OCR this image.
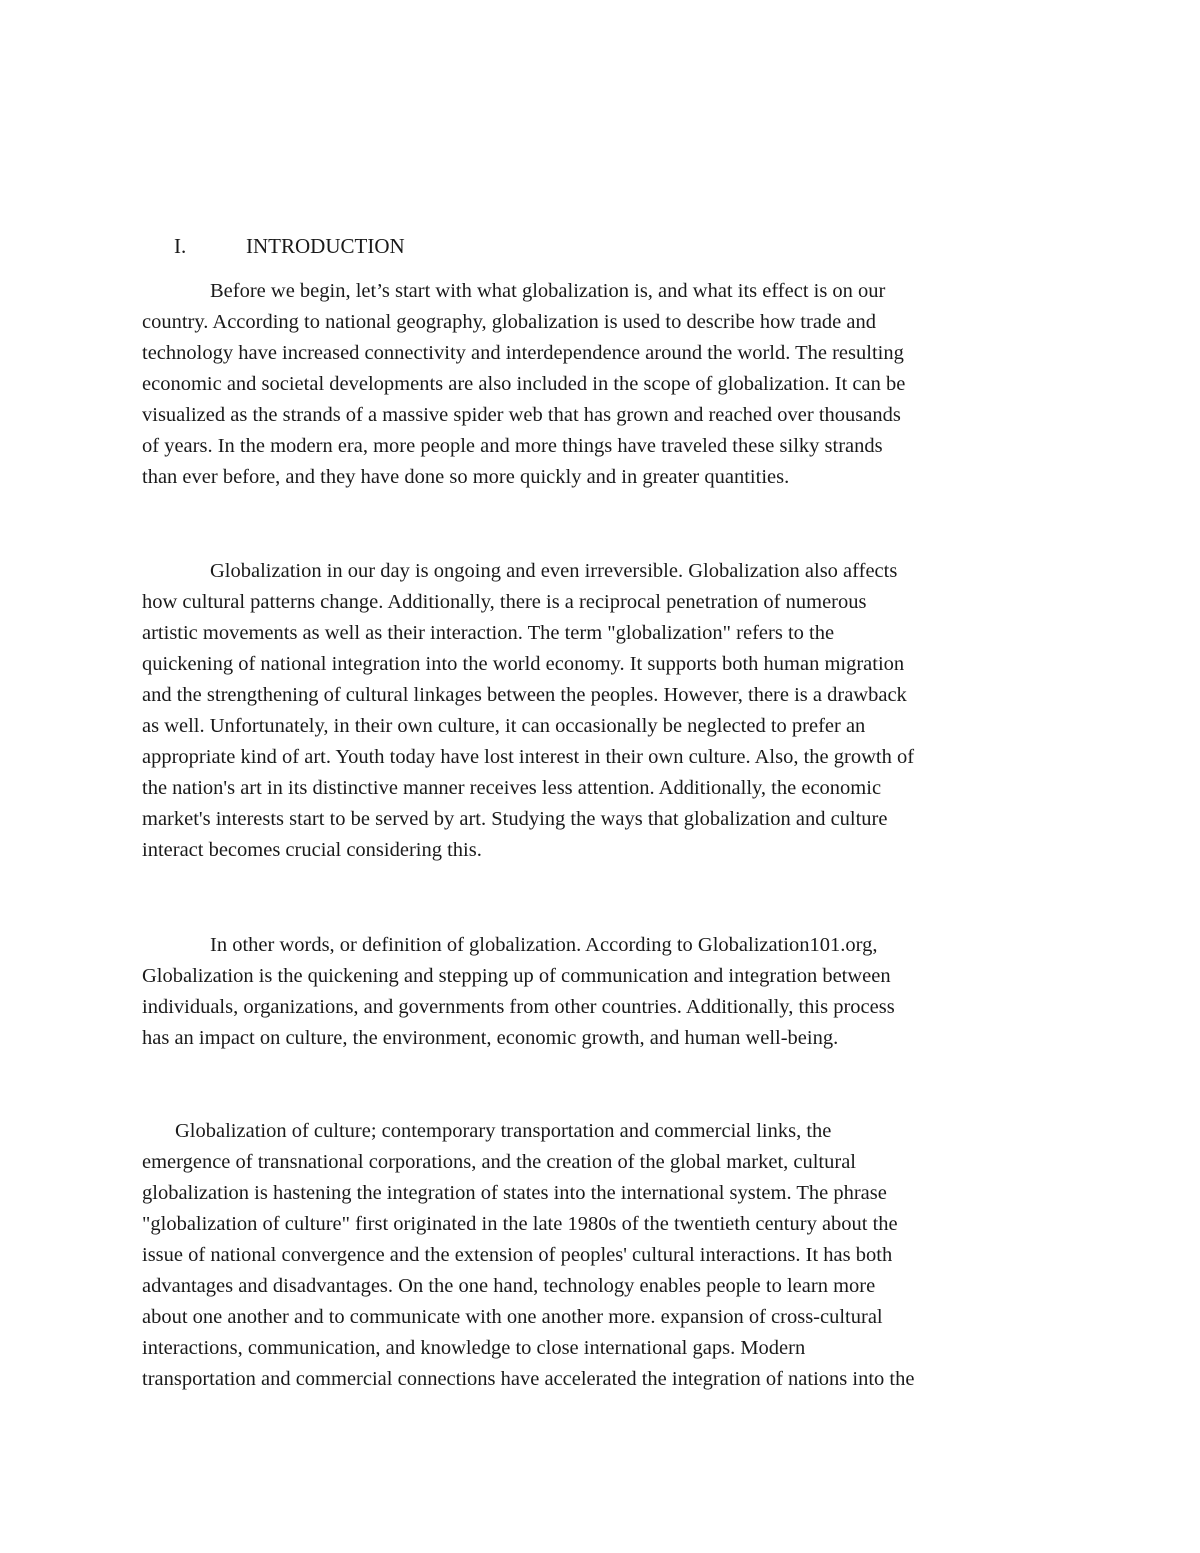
I.	INTRODUCTION
Before we begin, let’s start with what globalization is, and what its effect is on our
country. According to national geography, globalization is used to describe how trade and
technology have increased connectivity and interdependence around the world. The resulting
economic and societal developments are also included in the scope of globalization. It can be
visualized as the strands of a massive spider web that has grown and reached over thousands
of years. In the modern era, more people and more things have traveled these silky strands
than ever before, and they have done so more quickly and in greater quantities.
Globalization in our day is ongoing and even irreversible. Globalization also affects
how cultural patterns change. Additionally, there is a reciprocal penetration of numerous
artistic movements as well as their interaction. The term "globalization" refers to the
quickening of national integration into the world economy. It supports both human migration
and the strengthening of cultural linkages between the peoples. However, there is a drawback
as well. Unfortunately, in their own culture, it can occasionally be neglected to prefer an
appropriate kind of art. Youth today have lost interest in their own culture. Also, the growth of
the nation's art in its distinctive manner receives less attention. Additionally, the economic
market's interests start to be served by art. Studying the ways that globalization and culture
interact becomes crucial considering this.
In other words, or definition of globalization. According to Globalization101.org,
Globalization is the quickening and stepping up of communication and integration between
individuals, organizations, and governments from other countries. Additionally, this process
has an impact on culture, the environment, economic growth, and human well-being.
Globalization of culture; contemporary transportation and commercial links, the
emergence of transnational corporations, and the creation of the global market, cultural
globalization is hastening the integration of states into the international system. The phrase
"globalization of culture" first originated in the late 1980s of the twentieth century about the
issue of national convergence and the extension of peoples' cultural interactions. It has both
advantages and disadvantages. On the one hand, technology enables people to learn more
about one another and to communicate with one another more. expansion of cross-cultural
interactions, communication, and knowledge to close international gaps. Modern
transportation and commercial connections have accelerated the integration of nations into the
